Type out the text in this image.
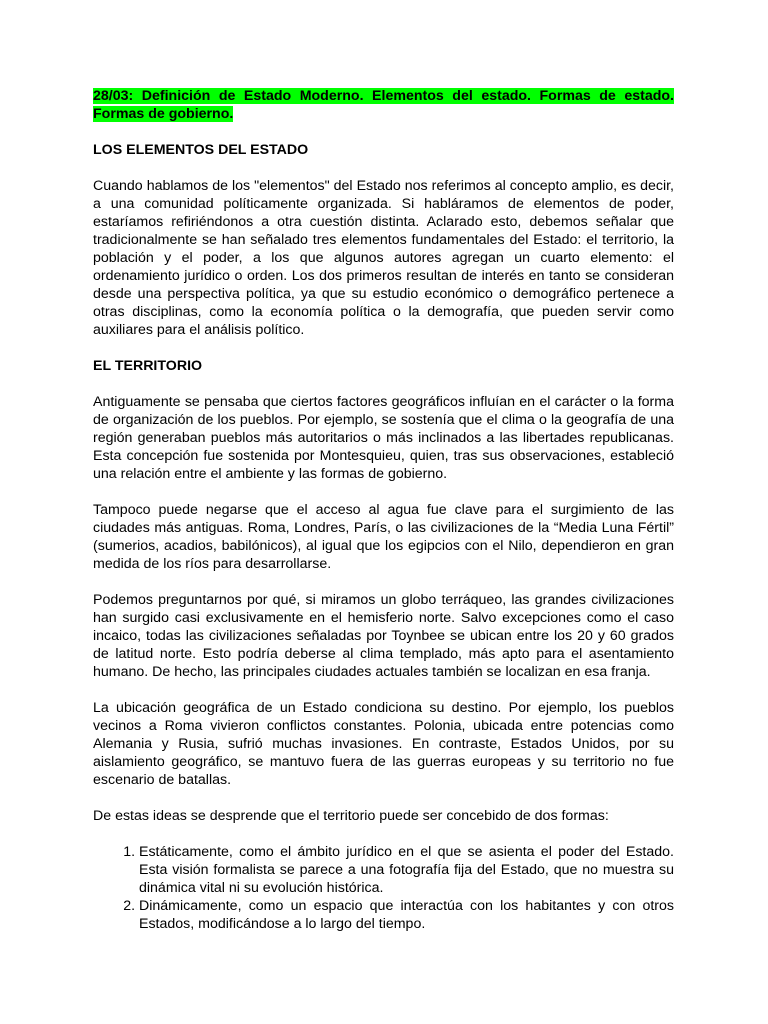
28/03: Definición de Estado Moderno. Elementos del estado. Formas de estado. Formas de gobierno.

LOS ELEMENTOS DEL ESTADO

Cuando hablamos de los "elementos" del Estado nos referimos al concepto amplio, es decir, a una comunidad políticamente organizada. Si habláramos de elementos de poder, estaríamos refiriéndonos a otra cuestión distinta. Aclarado esto, debemos señalar que tradicionalmente se han señalado tres elementos fundamentales del Estado: el territorio, la población y el poder, a los que algunos autores agregan un cuarto elemento: el ordenamiento jurídico o orden. Los dos primeros resultan de interés en tanto se consideran desde una perspectiva política, ya que su estudio económico o demográfico pertenece a otras disciplinas, como la economía política o la demografía, que pueden servir como auxiliares para el análisis político.

EL TERRITORIO

Antiguamente se pensaba que ciertos factores geográficos influían en el carácter o la forma de organización de los pueblos. Por ejemplo, se sostenía que el clima o la geografía de una región generaban pueblos más autoritarios o más inclinados a las libertades republicanas. Esta concepción fue sostenida por Montesquieu, quien, tras sus observaciones, estableció una relación entre el ambiente y las formas de gobierno.

Tampoco puede negarse que el acceso al agua fue clave para el surgimiento de las ciudades más antiguas. Roma, Londres, París, o las civilizaciones de la “Media Luna Fértil” (sumerios, acadios, babilónicos), al igual que los egipcios con el Nilo, dependieron en gran medida de los ríos para desarrollarse.

Podemos preguntarnos por qué, si miramos un globo terráqueo, las grandes civilizaciones han surgido casi exclusivamente en el hemisferio norte. Salvo excepciones como el caso incaico, todas las civilizaciones señaladas por Toynbee se ubican entre los 20 y 60 grados de latitud norte. Esto podría deberse al clima templado, más apto para el asentamiento humano. De hecho, las principales ciudades actuales también se localizan en esa franja.

La ubicación geográfica de un Estado condiciona su destino. Por ejemplo, los pueblos vecinos a Roma vivieron conflictos constantes. Polonia, ubicada entre potencias como Alemania y Rusia, sufrió muchas invasiones. En contraste, Estados Unidos, por su aislamiento geográfico, se mantuvo fuera de las guerras europeas y su territorio no fue escenario de batallas.

De estas ideas se desprende que el territorio puede ser concebido de dos formas:

1. Estáticamente, como el ámbito jurídico en el que se asienta el poder del Estado. Esta visión formalista se parece a una fotografía fija del Estado, que no muestra su dinámica vital ni su evolución histórica.
2. Dinámicamente, como un espacio que interactúa con los habitantes y con otros Estados, modificándose a lo largo del tiempo.
